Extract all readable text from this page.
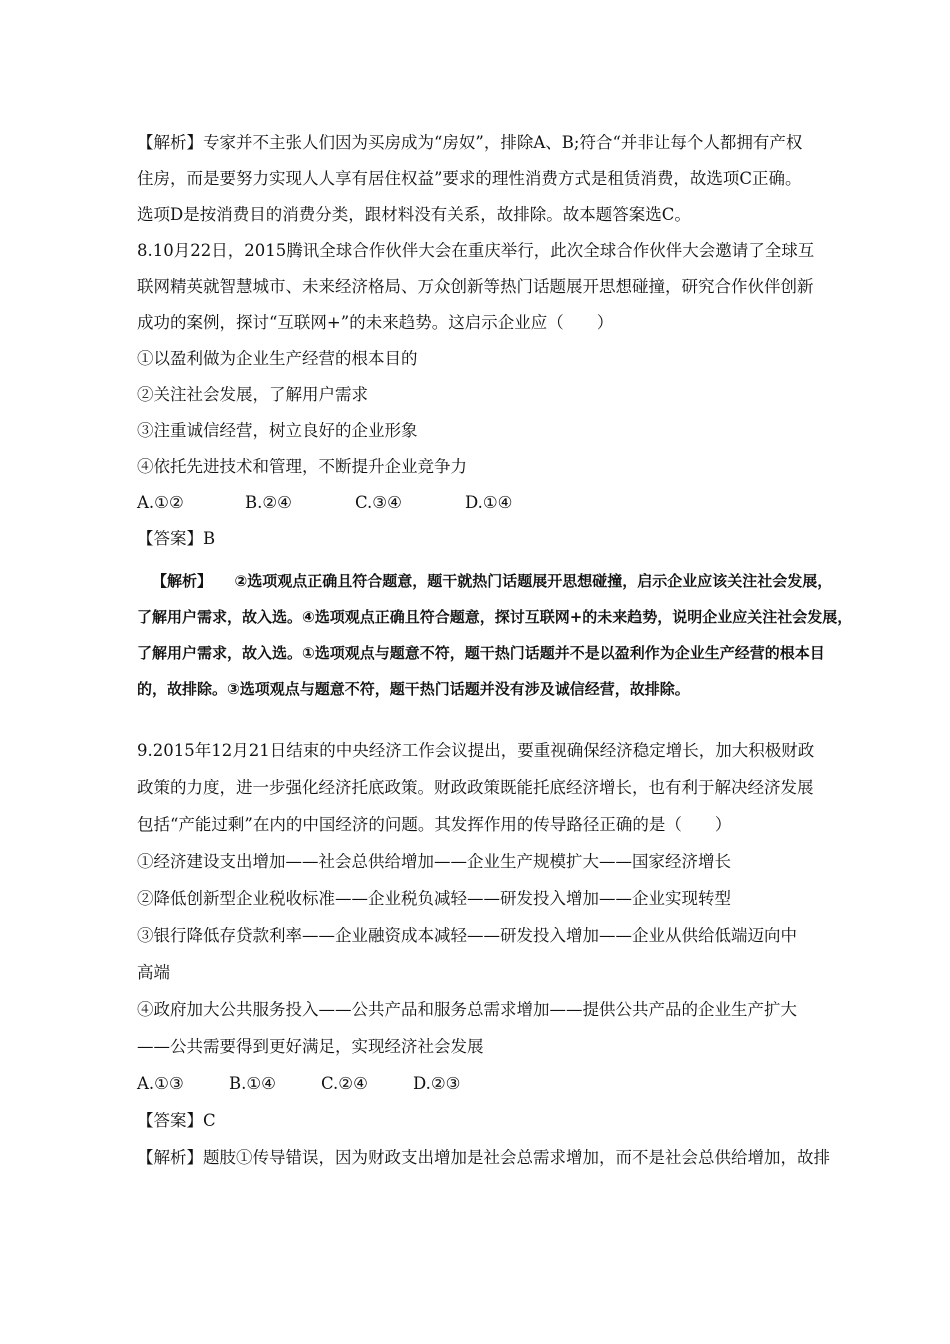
【解析】专家并不主张人们因为买房成为“房奴”，排除A、B;符合“并非让每个人都拥有产权
住房，而是要努力实现人人享有居住权益”要求的理性消费方式是租赁消费，故选项C正确。
选项D是按消费目的消费分类，跟材料没有关系，故排除。故本题答案选C。
8.10月22日，2015腾讯全球合作伙伴大会在重庆举行，此次全球合作伙伴大会邀请了全球互
联网精英就智慧城市、未来经济格局、万众创新等热门话题展开思想碰撞，研究合作伙伴创新
成功的案例，探讨“互联网+”的未来趋势。这启示企业应（　　）
①以盈利做为企业生产经营的根本目的
②关注社会发展，了解用户需求
③注重诚信经营，树立良好的企业形象
④依托先进技术和管理，不断提升企业竞争力
A.①②	B.②④	C.③④	D.①④
【答案】B
【解析】　　②选项观点正确且符合题意，题干就热门话题展开思想碰撞，启示企业应该关注社会发展，
了解用户需求，故入选。④选项观点正确且符合题意，探讨互联网+的未来趋势，说明企业应关注社会发展，
了解用户需求，故入选。①选项观点与题意不符，题干热门话题并不是以盈利作为企业生产经营的根本目
的，故排除。③选项观点与题意不符，题干热门话题并没有涉及诚信经营，故排除。
9.2015年12月21日结束的中央经济工作会议提出，要重视确保经济稳定增长，加大积极财政
政策的力度，进一步强化经济托底政策。财政政策既能托底经济增长，也有利于解决经济发展
包括“产能过剩”在内的中国经济的问题。其发挥作用的传导路径正确的是（　　）
①经济建设支出增加——社会总供给增加——企业生产规模扩大——国家经济增长
②降低创新型企业税收标准——企业税负减轻——研发投入增加——企业实现转型
③银行降低存贷款利率——企业融资成本减轻——研发投入增加——企业从供给低端迈向中
高端
④政府加大公共服务投入——公共产品和服务总需求增加——提供公共产品的企业生产扩大
——公共需要得到更好满足，实现经济社会发展
A.①③	B.①④	C.②④	D.②③
【答案】C
【解析】题肢①传导错误，因为财政支出增加是社会总需求增加，而不是社会总供给增加，故排
